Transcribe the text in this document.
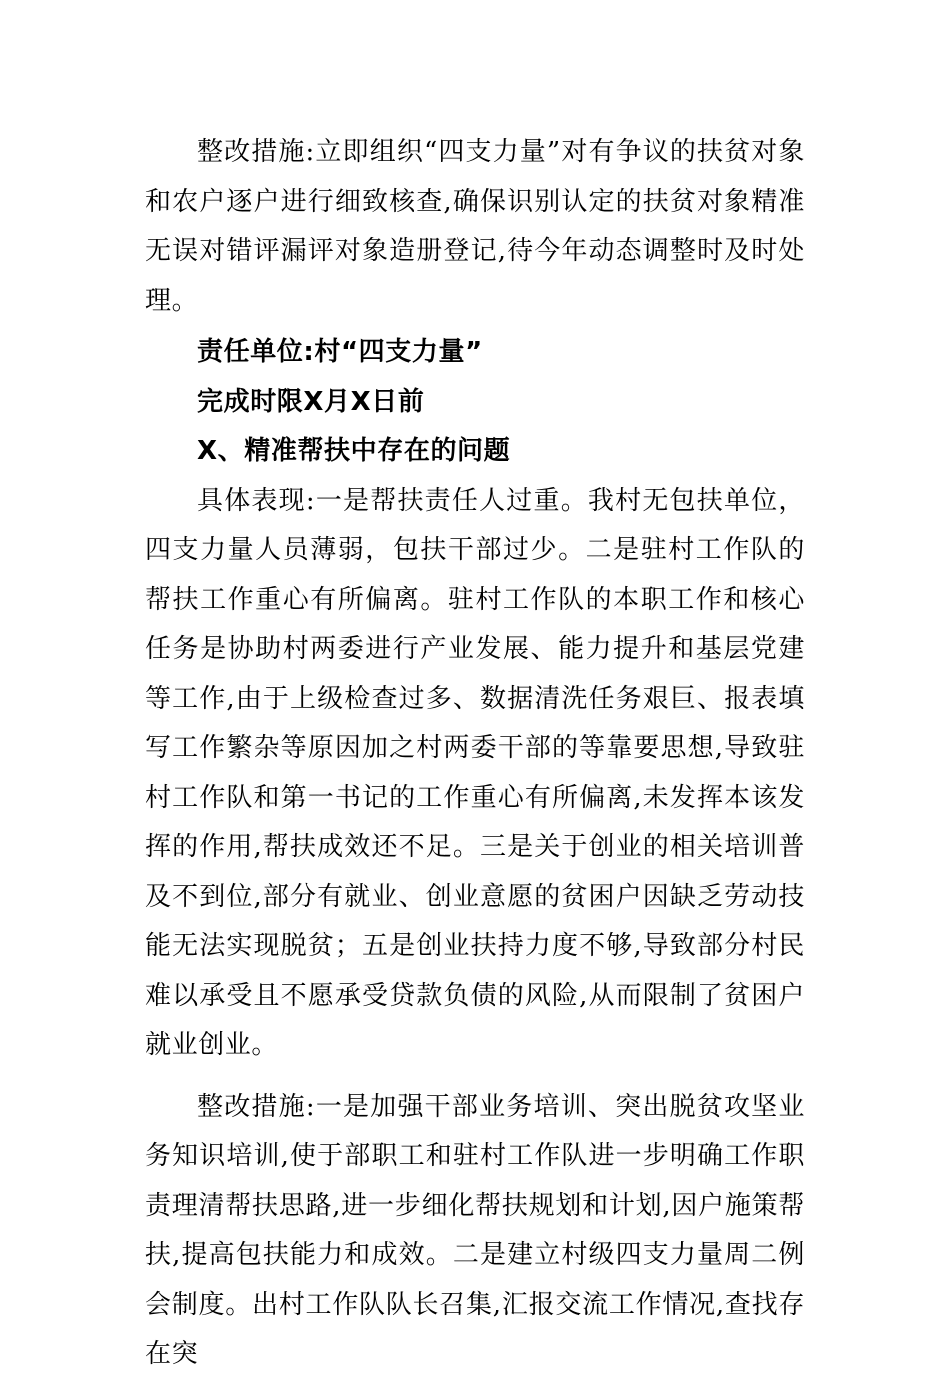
整改措施:立即组织“四支力量”对有争议的扶贫对象和农户逐户进行细致核查,确保识别认定的扶贫对象精准无误对错评漏评对象造册登记,待今年动态调整时及时处理。

责任单位:村“四支力量”

完成时限X月X日前

X、精准帮扶中存在的问题

具体表现:一是帮扶责任人过重。我村无包扶单位，四支力量人员薄弱，包扶干部过少。二是驻村工作队的帮扶工作重心有所偏离。驻村工作队的本职工作和核心任务是协助村两委进行产业发展、能力提升和基层党建等工作,由于上级检查过多、数据清洗任务艰巨、报表填写工作繁杂等原因加之村两委干部的等靠要思想,导致驻村工作队和第一书记的工作重心有所偏离,未发挥本该发挥的作用,帮扶成效还不足。三是关于创业的相关培训普及不到位,部分有就业、创业意愿的贫困户因缺乏劳动技能无法实现脱贫；五是创业扶持力度不够,导致部分村民难以承受且不愿承受贷款负债的风险,从而限制了贫困户就业创业。

整改措施:一是加强干部业务培训、突出脱贫攻坚业务知识培训,使于部职工和驻村工作队进一步明确工作职责理清帮扶思路,进一步细化帮扶规划和计划,因户施策帮扶,提高包扶能力和成效。二是建立村级四支力量周二例会制度。出村工作队队长召集,汇报交流工作情况,查找存在突
